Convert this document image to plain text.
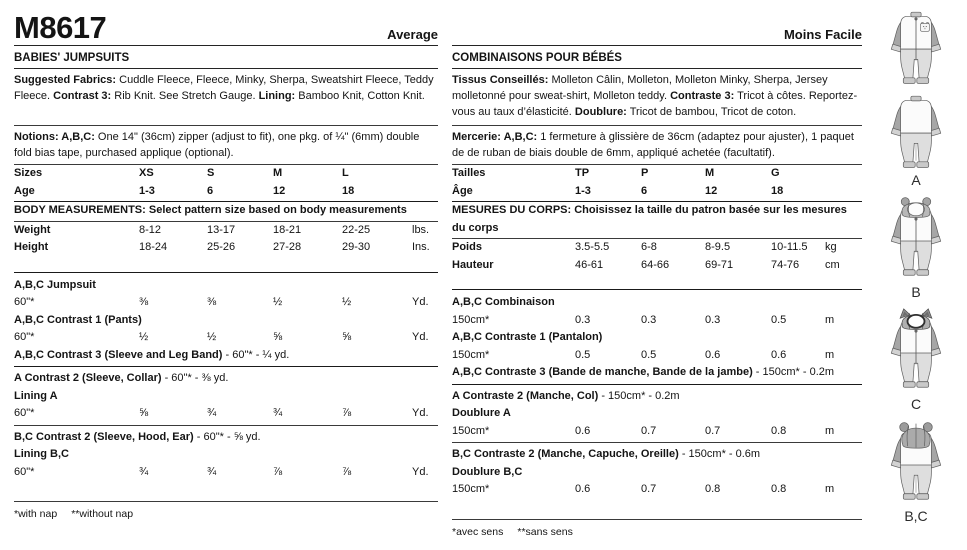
M8617	Average
BABIES' JUMPSUITS

Suggested Fabrics: Cuddle Fleece, Fleece, Minky, Sherpa, Sweatshirt Fleece, Teddy Fleece. Contrast 3: Rib Knit. See Stretch Gauge. Lining: Bamboo Knit, Cotton Knit.

Notions: A,B,C: One 14" (36cm) zipper (adjust to fit), one pkg. of ¼" (6mm) double fold bias tape, purchased applique (optional).

Sizes	XS	S	M	L
Age	1-3	6	12	18
BODY MEASUREMENTS: Select pattern size based on body measurements
Weight	8-12	13-17	18-21	22-25	lbs.
Height	18-24	25-26	27-28	29-30	Ins.
A,B,C Jumpsuit
60"*	⅜	⅜	½	½	Yd.
A,B,C Contrast 1 (Pants)
60"*	½	½	⅝	⅝	Yd.
A,B,C Contrast 3 (Sleeve and Leg Band) - 60"* - ¼ yd.
A Contrast 2 (Sleeve, Collar) - 60"* - ⅜ yd.
Lining A
60"*	⅝	¾	¾	⅞	Yd.
B,C Contrast 2 (Sleeve, Hood, Ear) - 60"* - ⅝ yd.
Lining B,C
60"*	¾	¾	⅞	⅞	Yd.
*with nap **without nap
Moins Facile
COMBINAISONS POUR BÉBÉS

Tissus Conseillés: Molleton Câlin, Molleton, Molleton Minky, Sherpa, Jersey molletonné pour sweat-shirt, Molleton teddy. Contraste 3: Tricot à côtes. Reportez-vous au taux d’élasticité. Doublure: Tricot de bambou, Tricot de coton.

Mercerie: A,B,C: 1 fermeture à glissière de 36cm (adaptez pour ajuster), 1 paquet de de ruban de biais double de 6mm, appliqué achetée (facultatif).

Tailles	TP	P	M	G
Âge	1-3	6	12	18
MESURES DU CORPS: Choisissez la taille du patron basée sur les mesures du corps
Poids	3.5-5.5	6-8	8-9.5	10-11.5	kg
Hauteur	46-61	64-66	69-71	74-76	cm
A,B,C Combinaison
150cm*	0.3	0.3	0.3	0.5	m
A,B,C Contraste 1 (Pantalon)
150cm*	0.5	0.5	0.6	0.6	m
A,B,C Contraste 3 (Bande de manche, Bande de la jambe) - 150cm* - 0.2m
A Contraste 2 (Manche, Col) - 150cm* - 0.2m
Doublure A
150cm*	0.6	0.7	0.7	0.8	m
B,C Contraste 2 (Manche, Capuche, Oreille) - 150cm* - 0.6m
Doublure B,C
150cm*	0.6	0.7	0.8	0.8	m
*avec sens **sans sens
A
B
C
B,C
